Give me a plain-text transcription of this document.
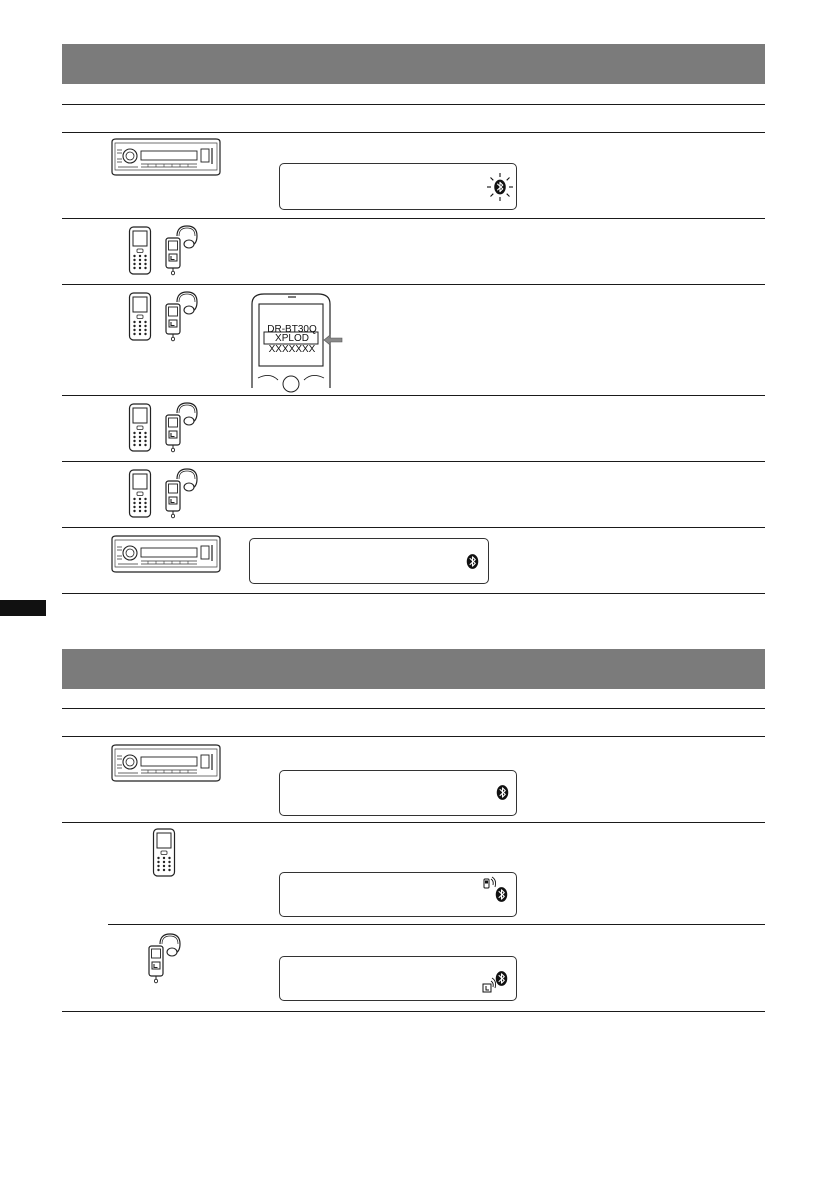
DR-BT30Q
XPLOD
XXXXXXX
